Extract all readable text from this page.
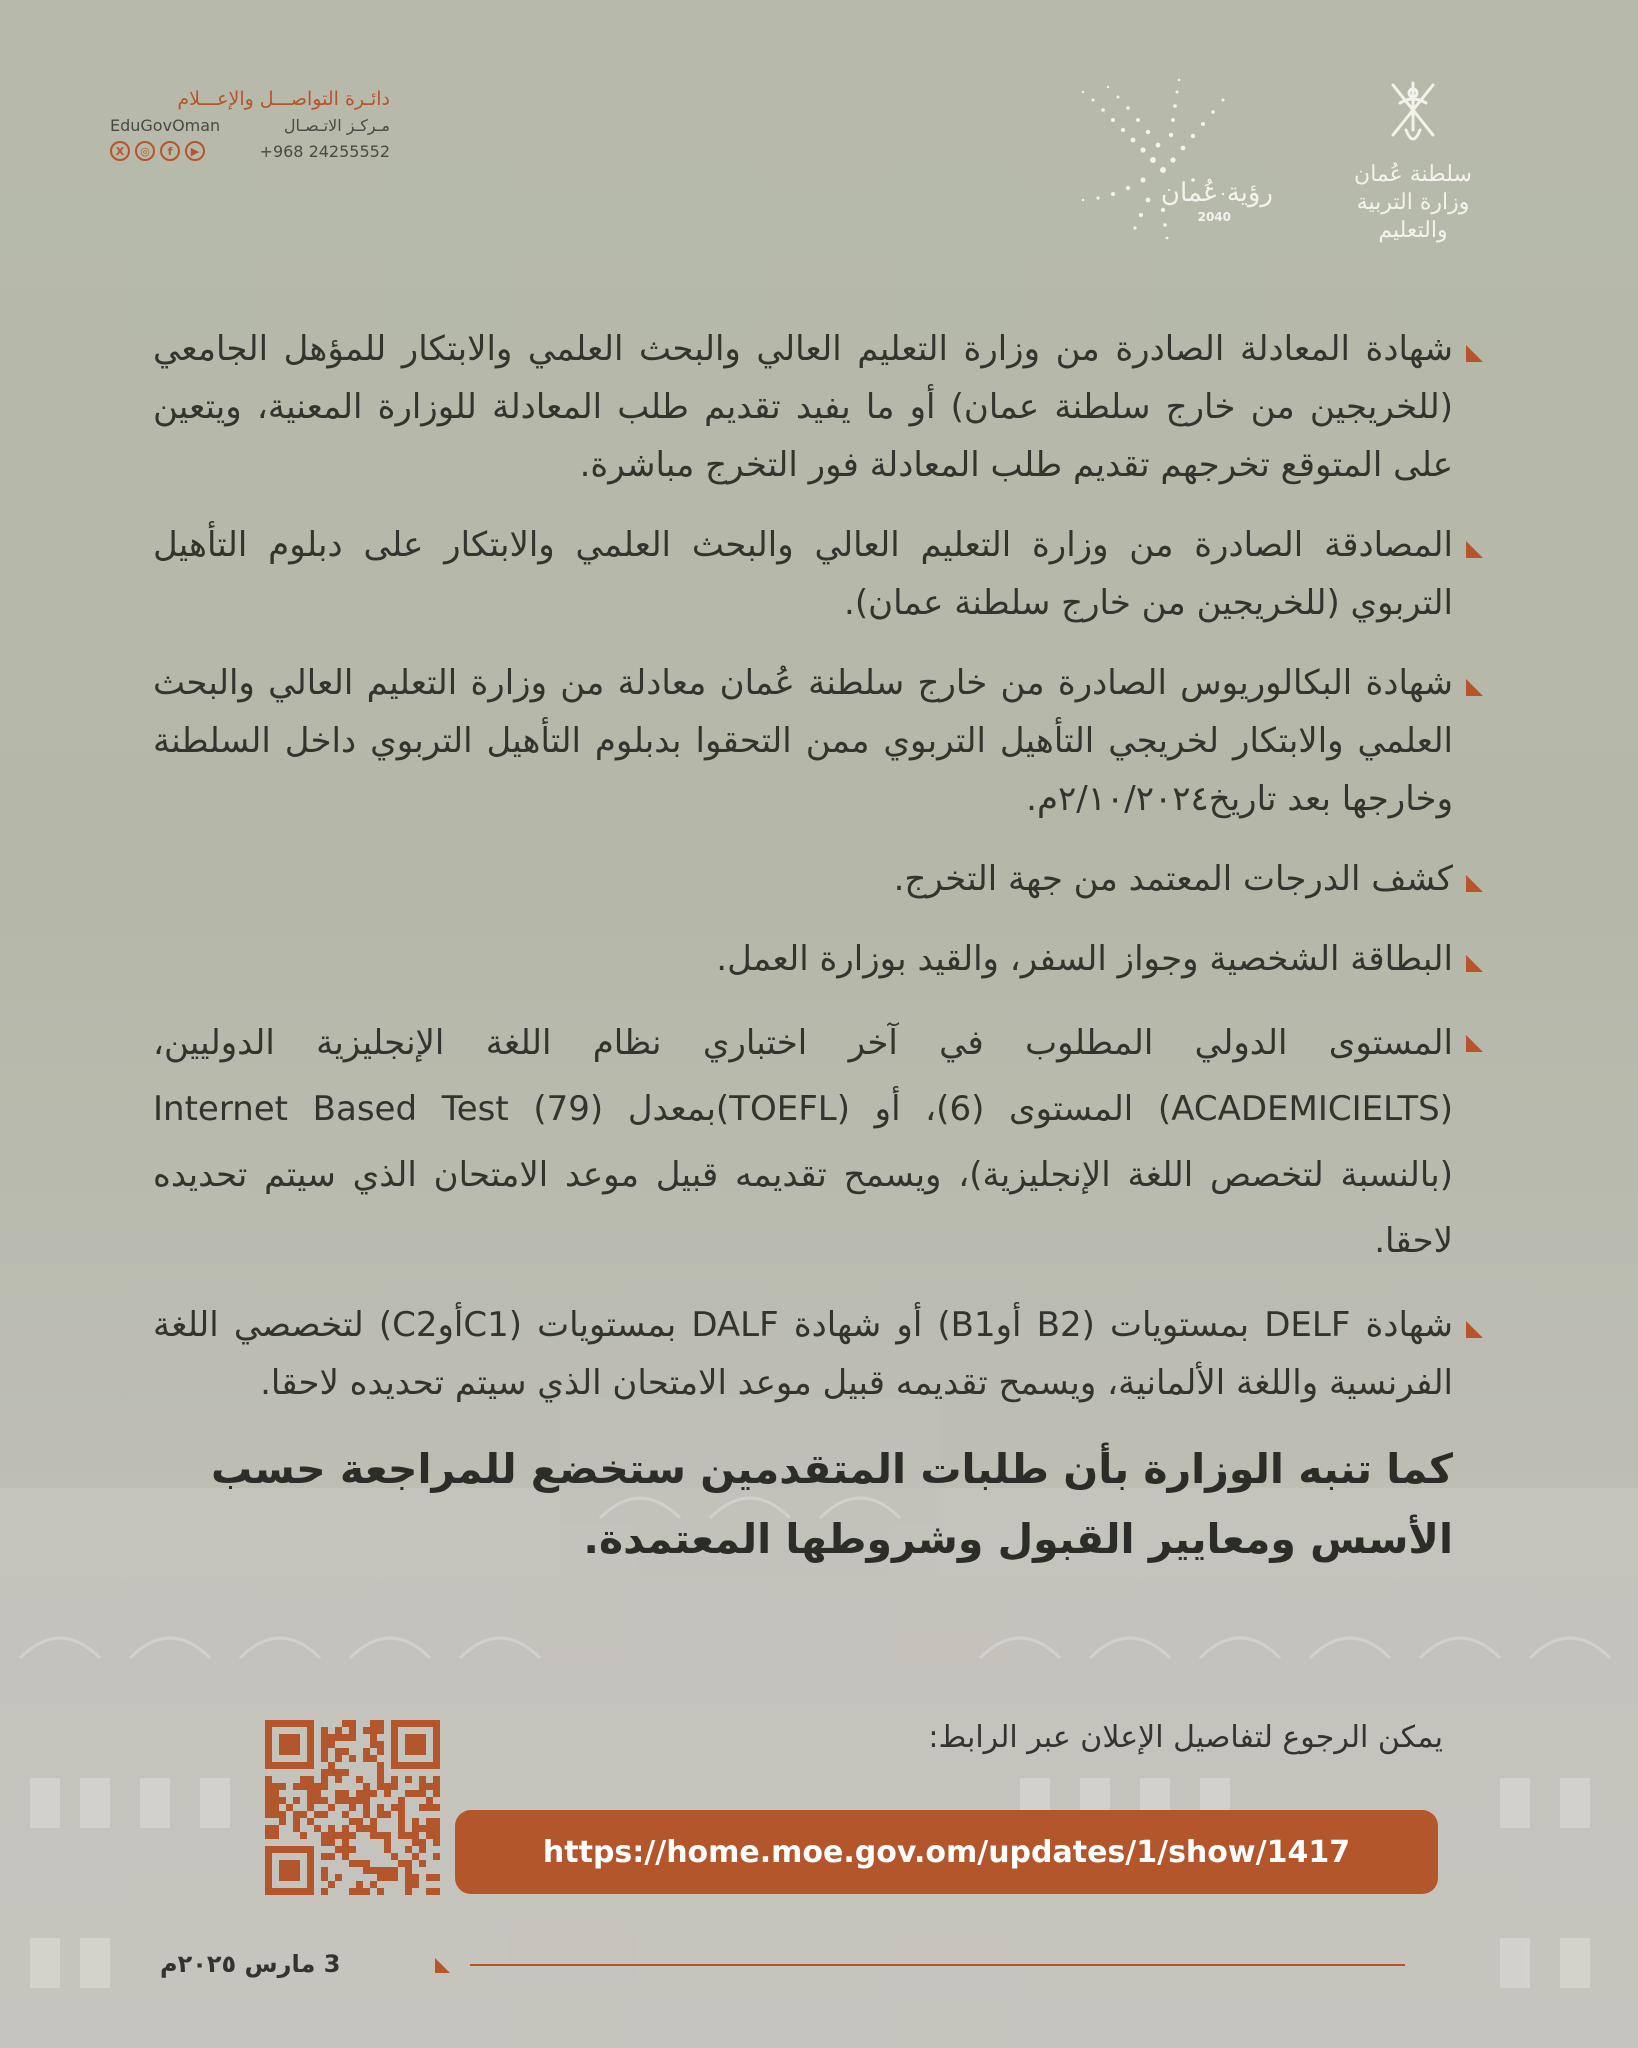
سلطنة عُمان
وزارة التربية والتعليم
رؤية عُمان
2040
دائـرة التواصـــل والإعـــلام
مـركـز الاتـصـال
EduGovOman
+968 24255552
X	◎	f	▶
شهادة المعادلة الصادرة من وزارة التعليم العالي والبحث العلمي والابتكار للمؤهل الجامعي (للخريجين من خارج سلطنة عمان) أو ما يفيد تقديم طلب المعادلة للوزارة المعنية، ويتعين على المتوقع تخرجهم تقديم طلب المعادلة فور التخرج مباشرة.
المصادقة الصادرة من وزارة التعليم العالي والبحث العلمي والابتكار على دبلوم التأهيل التربوي (للخريجين من خارج سلطنة عمان).
شهادة البكالوريوس الصادرة من خارج سلطنة عُمان معادلة من وزارة التعليم العالي والبحث العلمي والابتكار لخريجي التأهيل التربوي ممن التحقوا بدبلوم التأهيل التربوي داخل السلطنة وخارجها بعد تاريخ٢/١٠/٢٠٢٤م.
كشف الدرجات المعتمد من جهة التخرج.
البطاقة الشخصية وجواز السفر، والقيد بوزارة العمل.
المستوى الدولي المطلوب في آخر اختباري نظام اللغة الإنجليزية الدوليين، (ACADEMICIELTS) المستوى (6)، أو (TOEFL)بمعدل (79) Internet Based Test (بالنسبة لتخصص اللغة الإنجليزية)، ويسمح تقديمه قبيل موعد الامتحان الذي سيتم تحديده لاحقا.
شهادة DELF بمستويات (B2 أوB1) أو شهادة DALF بمستويات (C1أوC2) لتخصصي اللغة الفرنسية واللغة الألمانية، ويسمح تقديمه قبيل موعد الامتحان الذي سيتم تحديده لاحقا.
كما تنبه الوزارة بأن طلبات المتقدمين ستخضع للمراجعة حسب الأسس ومعايير القبول وشروطها المعتمدة.
يمكن الرجوع لتفاصيل الإعلان عبر الرابط:
https://home.moe.gov.om/updates/1/show/1417
3 مارس ٢٠٢٥م
